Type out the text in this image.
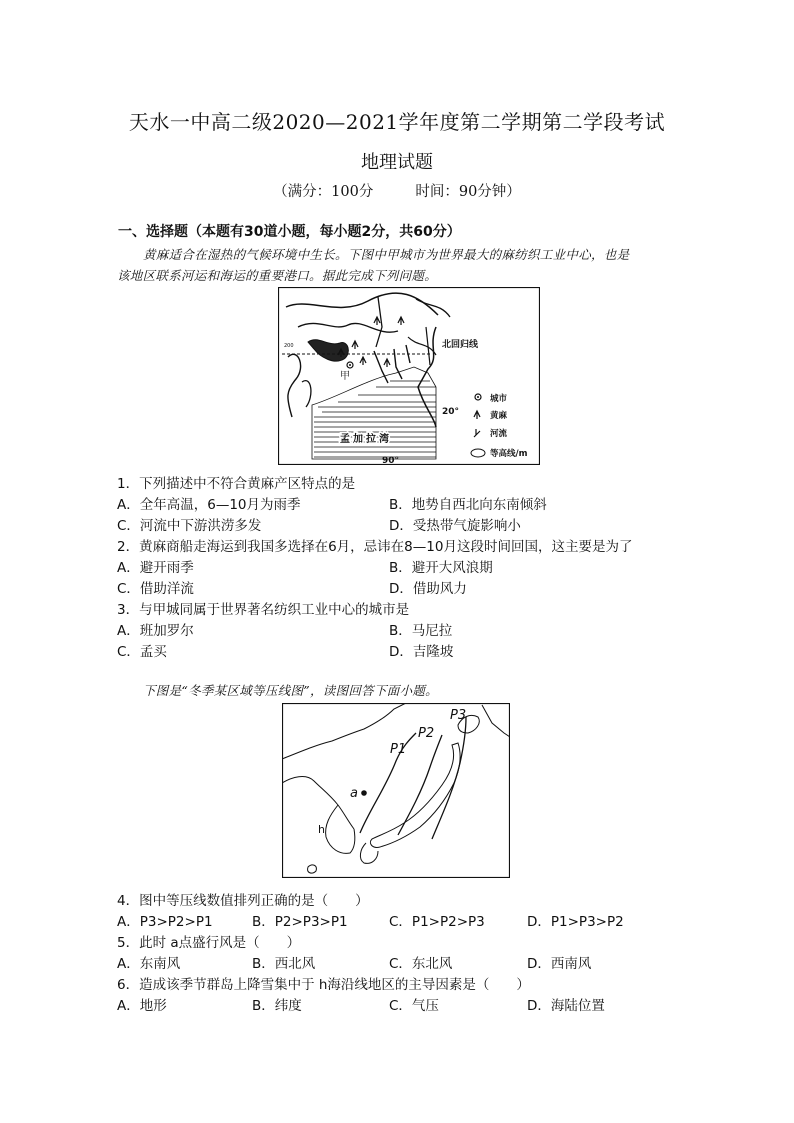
天水一中高二级2020—2021学年度第二学期第二学段考试
地理试题
（满分：100分	时间：90分钟）
一、选择题（本题有30道小题，每小题2分，共60分）
黄麻适合在湿热的气候环境中生长。下图中甲城市为世界最大的麻纺织工业中心，也是
该地区联系河运和海运的重要港口。据此完成下列问题。
甲
200
孟加拉湾
北回归线
20°
90°
城市
黄麻
河流
等高线/m
1．下列描述中不符合黄麻产区特点的是
A．全年高温，6—10月为雨季	B．地势自西北向东南倾斜
C．河流中下游洪涝多发	D．受热带气旋影响小
2．黄麻商船走海运到我国多选择在6月，忌讳在8—10月这段时间回国，这主要是为了
A．避开雨季	B．避开大风浪期
C．借助洋流	D．借助风力
3．与甲城同属于世界著名纺织工业中心的城市是
A．班加罗尔	B．马尼拉
C．孟买	D．吉隆坡
下图是“冬季某区域等压线图”，读图回答下面小题。
P1
P2
P3
a
h
4．图中等压线数值排列正确的是（　　）
A．P3>P2>P1	B．P2>P3>P1	C．P1>P2>P3	D．P1>P3>P2
5．此时 a点盛行风是（　　）
A．东南风	B．西北风	C．东北风	D．西南风
6．造成该季节群岛上降雪集中于 h海沿线地区的主导因素是（　　）
A．地形	B．纬度	C．气压	D．海陆位置
